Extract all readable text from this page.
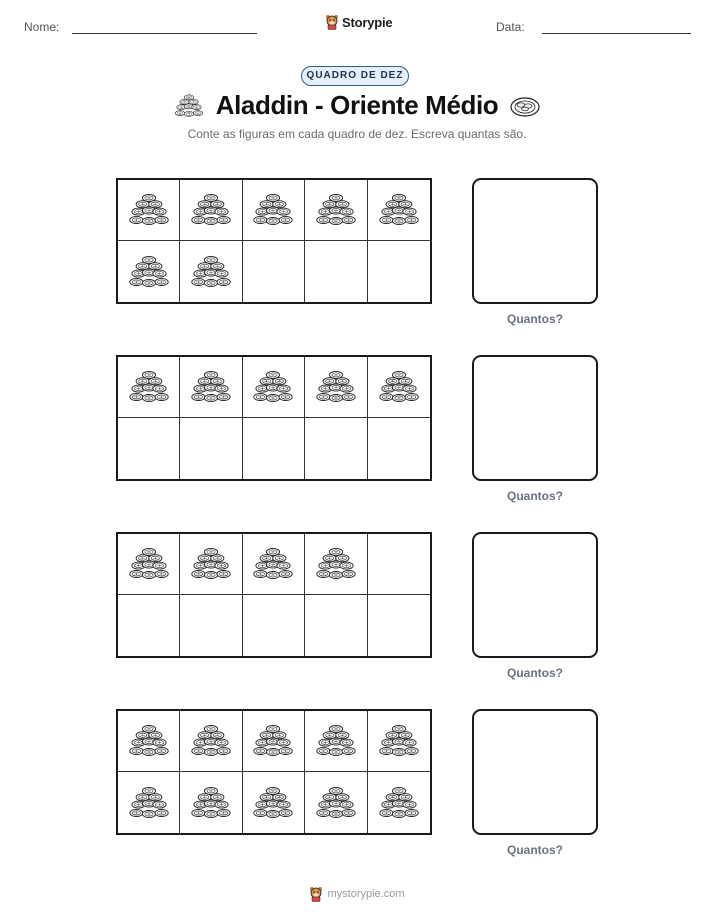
Nome:	Storypie	Data:
QUADRO DE DEZ
Aladdin - Oriente Médio
Conte as figuras em cada quadro de dez. Escreva quantas são.
Quantos?
Quantos?
Quantos?
Quantos?
mystorypie.com
